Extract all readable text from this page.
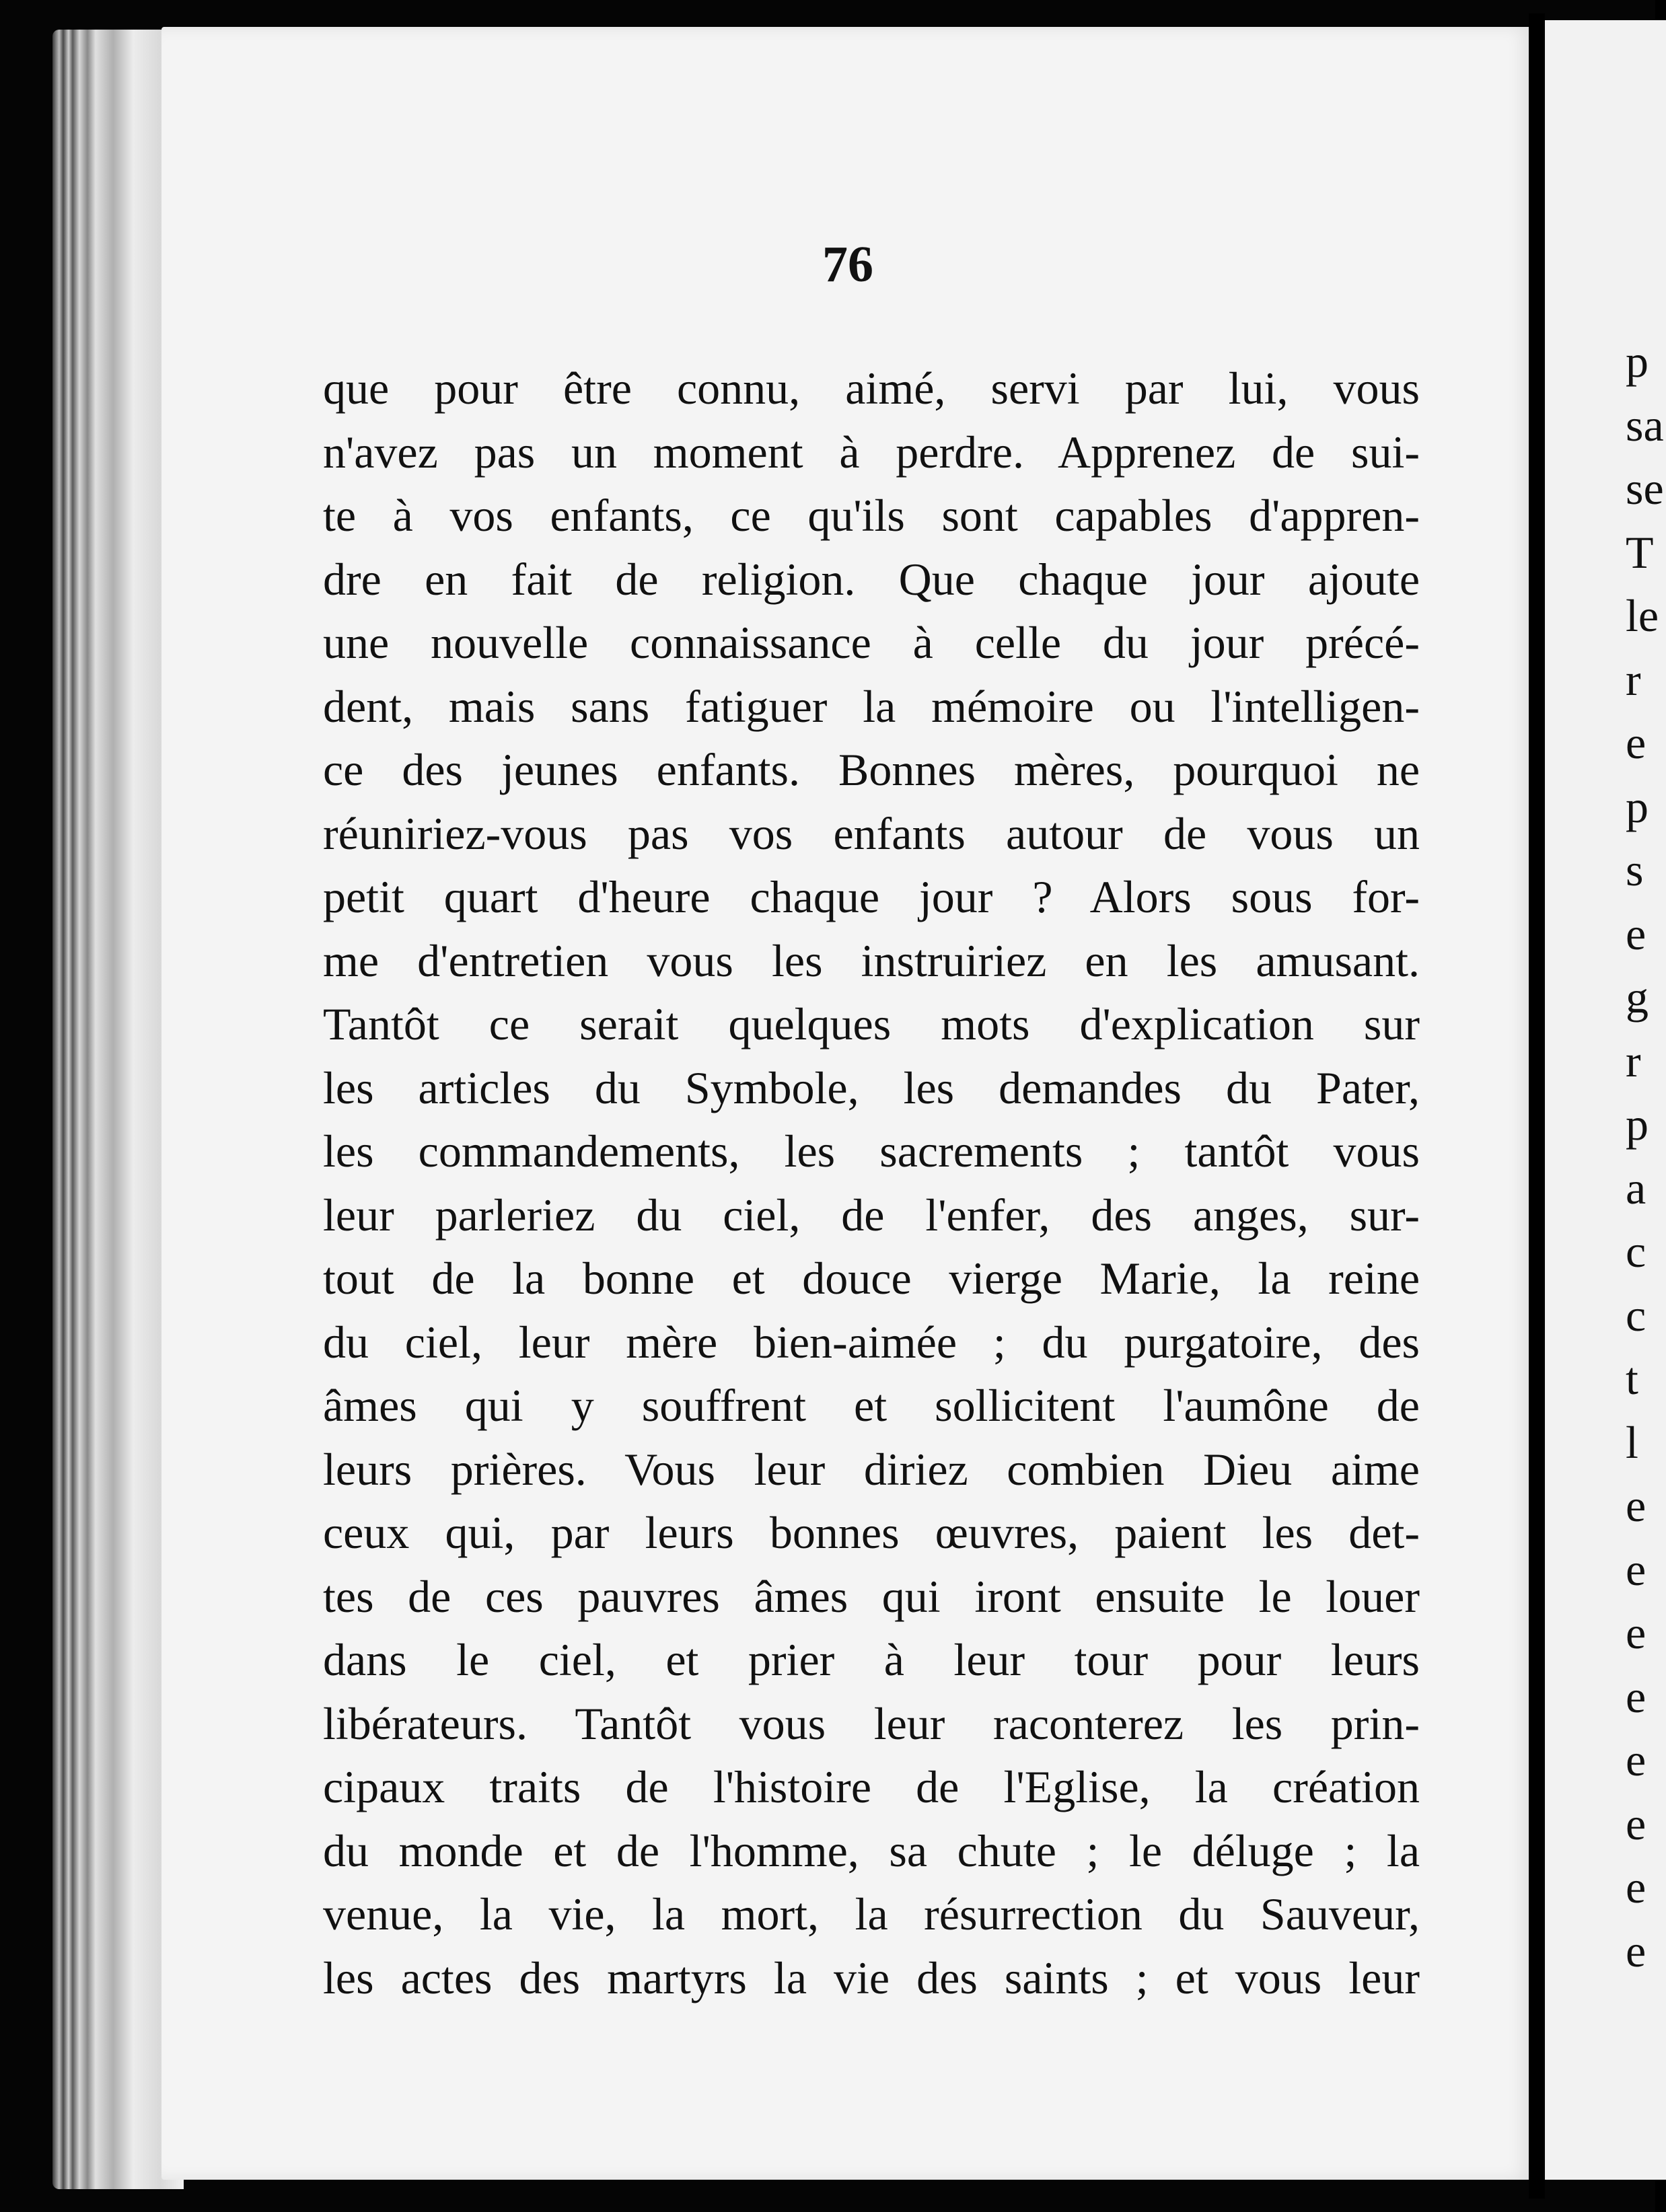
76
que pour être connu, aimé, servi par lui, vous
n'avez pas un moment à perdre. Apprenez de sui-
te à vos enfants, ce qu'ils sont capables d'appren-
dre en fait de religion. Que chaque jour ajoute
une nouvelle connaissance à celle du jour précé-
dent, mais sans fatiguer la mémoire ou l'intelligen-
ce des jeunes enfants. Bonnes mères, pourquoi ne
réuniriez-vous pas vos enfants autour de vous un
petit quart d'heure chaque jour ? Alors sous for-
me d'entretien vous les instruiriez en les amusant.
Tantôt ce serait quelques mots d'explication sur
les articles du Symbole, les demandes du Pater,
les commandements, les sacrements ; tantôt vous
leur parleriez du ciel, de l'enfer, des anges, sur-
tout de la bonne et douce vierge Marie, la reine
du ciel, leur mère bien-aimée ; du purgatoire, des
âmes qui y souffrent et sollicitent l'aumône de
leurs prières. Vous leur diriez combien Dieu aime
ceux qui, par leurs bonnes œuvres, paient les det-
tes de ces pauvres âmes qui iront ensuite le louer
dans le ciel, et prier à leur tour pour leurs
libérateurs. Tantôt vous leur raconterez les prin-
cipaux traits de l'histoire de l'Eglise, la création
du monde et de l'homme, sa chute ; le déluge ; la
venue, la vie, la mort, la résurrection du Sauveur,
les actes des martyrs la vie des saints ; et vous leur
p
sa
se
T
le
r
e
p
s
e
g
r
p
a
c
c
t
l
e
e
e
e
e
e
e
e
